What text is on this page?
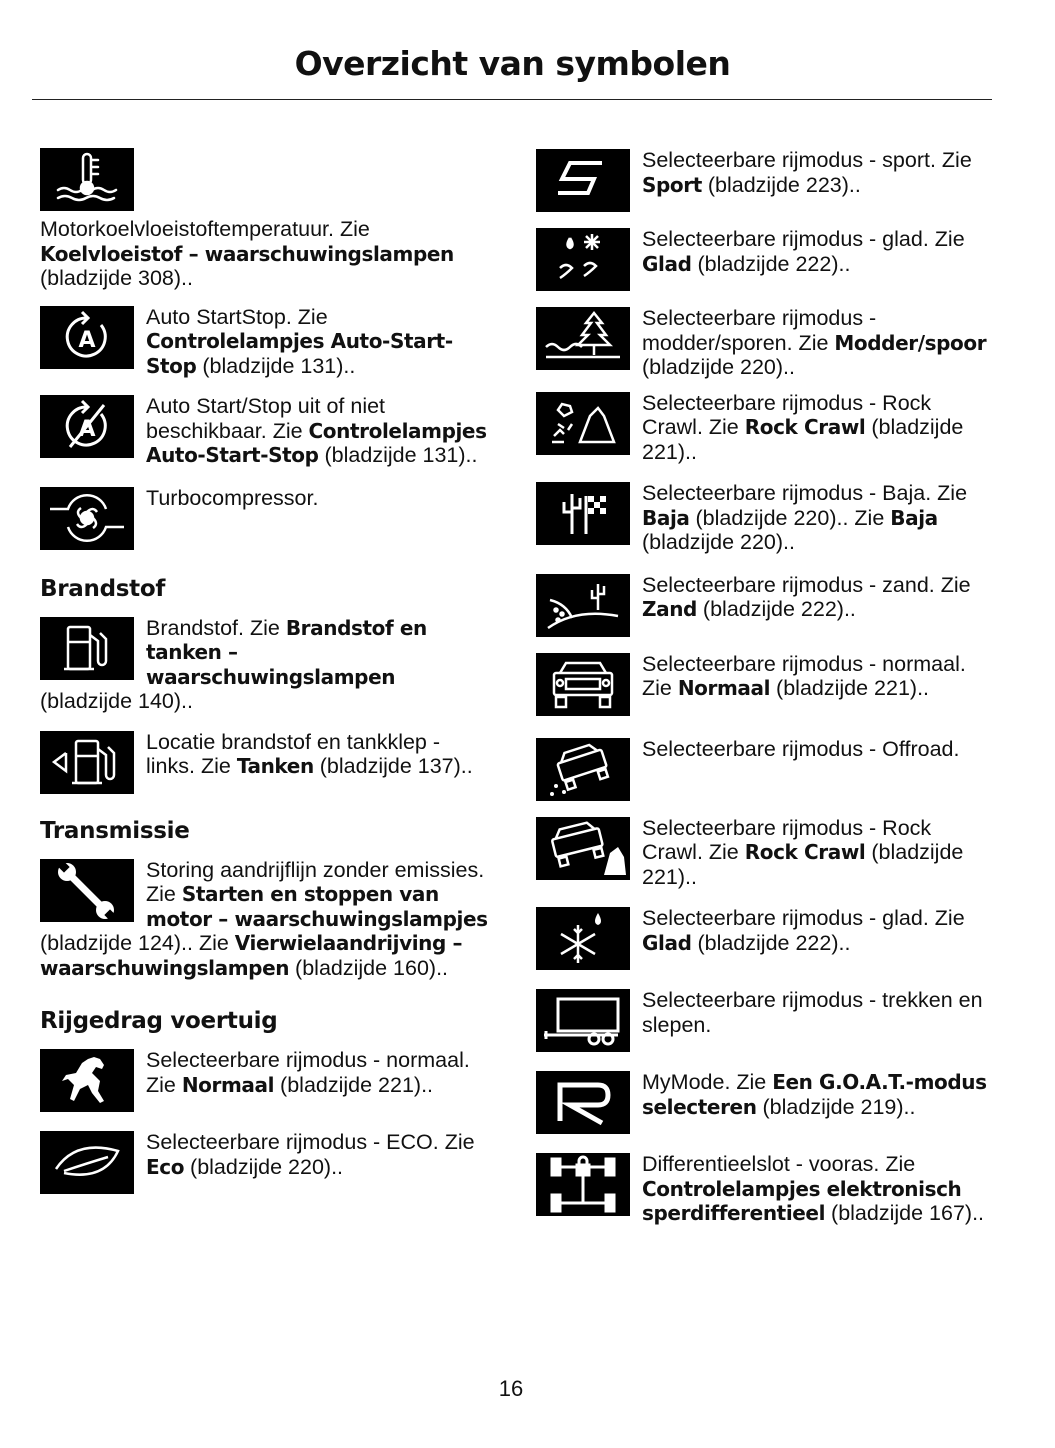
Overzicht van symbolen
Motorkoelvloeistoftemperatuur. Zie Koelvloeistof – waarschuwingslampen (bladzijde 308)..
A
Auto StartStop. Zie Controlelampjes Auto-Start-Stop (bladzijde 131)..
A
Auto Start/Stop uit of niet beschikbaar. Zie Controlelampjes Auto-Start-Stop (bladzijde 131)..
Turbocompressor.
Brandstof
Brandstof. Zie Brandstof en tanken – waarschuwingslampen (bladzijde 140)..
Locatie brandstof en tankklep - links. Zie Tanken (bladzijde 137)..
Transmissie
Storing aandrijflijn zonder emissies. Zie Starten en stoppen van motor – waarschuwingslampjes (bladzijde 124).. Zie Vierwielaandrijving – waarschuwingslampen (bladzijde 160)..
Rijgedrag voertuig
Selecteerbare rijmodus - normaal. Zie Normaal (bladzijde 221)..
Selecteerbare rijmodus - ECO. Zie Eco (bladzijde 220)..
Selecteerbare rijmodus - sport. Zie Sport (bladzijde 223)..
Selecteerbare rijmodus - glad. Zie Glad (bladzijde 222)..
Selecteerbare rijmodus - modder/sporen. Zie Modder/spoor (bladzijde 220)..
Selecteerbare rijmodus - Rock Crawl. Zie Rock Crawl (bladzijde 221)..
Selecteerbare rijmodus - Baja. Zie Baja (bladzijde 220).. Zie Baja (bladzijde 220)..
Selecteerbare rijmodus - zand. Zie Zand (bladzijde 222)..
Selecteerbare rijmodus - normaal. Zie Normaal (bladzijde 221)..
Selecteerbare rijmodus - Offroad.
Selecteerbare rijmodus - Rock Crawl. Zie Rock Crawl (bladzijde 221)..
Selecteerbare rijmodus - glad. Zie Glad (bladzijde 222)..
Selecteerbare rijmodus - trekken en slepen.
MyMode. Zie Een G.O.A.T.-modus selecteren (bladzijde 219)..
Differentieelslot - vooras. Zie Controlelampjes elektronisch sperdifferentieel (bladzijde 167)..
16
